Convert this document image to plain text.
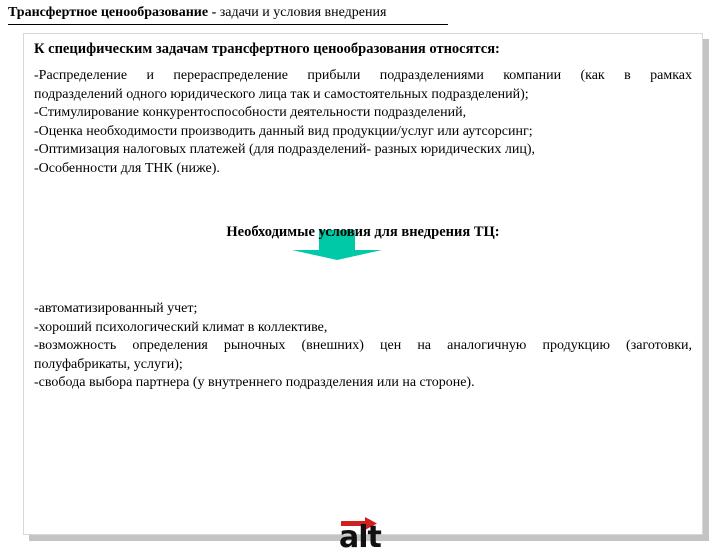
Трансфертное ценообразование - задачи и условия внедрения
К специфическим задачам трансфертного ценообразования относятся:
-Распределение и перераспределение прибыли подразделениями компании (как в рамках
подразделений одного юридического лица так и самостоятельных подразделений);
-Стимулирование конкурентоспособности деятельности подразделений,
-Оценка необходимости производить данный вид продукции/услуг или аутсорсинг;
-Оптимизация налоговых платежей (для подразделений- разных юридических лиц),
-Особенности для ТНК (ниже).
Необходимые условия для внедрения ТЦ:
-автоматизированный учет;
-хороший психологический климат в коллективе,
-возможность определения рыночных (внешних) цен на аналогичную продукцию (заготовки,
полуфабрикаты, услуги);
-свобода выбора партнера (у внутреннего подразделения или на стороне).
alt
